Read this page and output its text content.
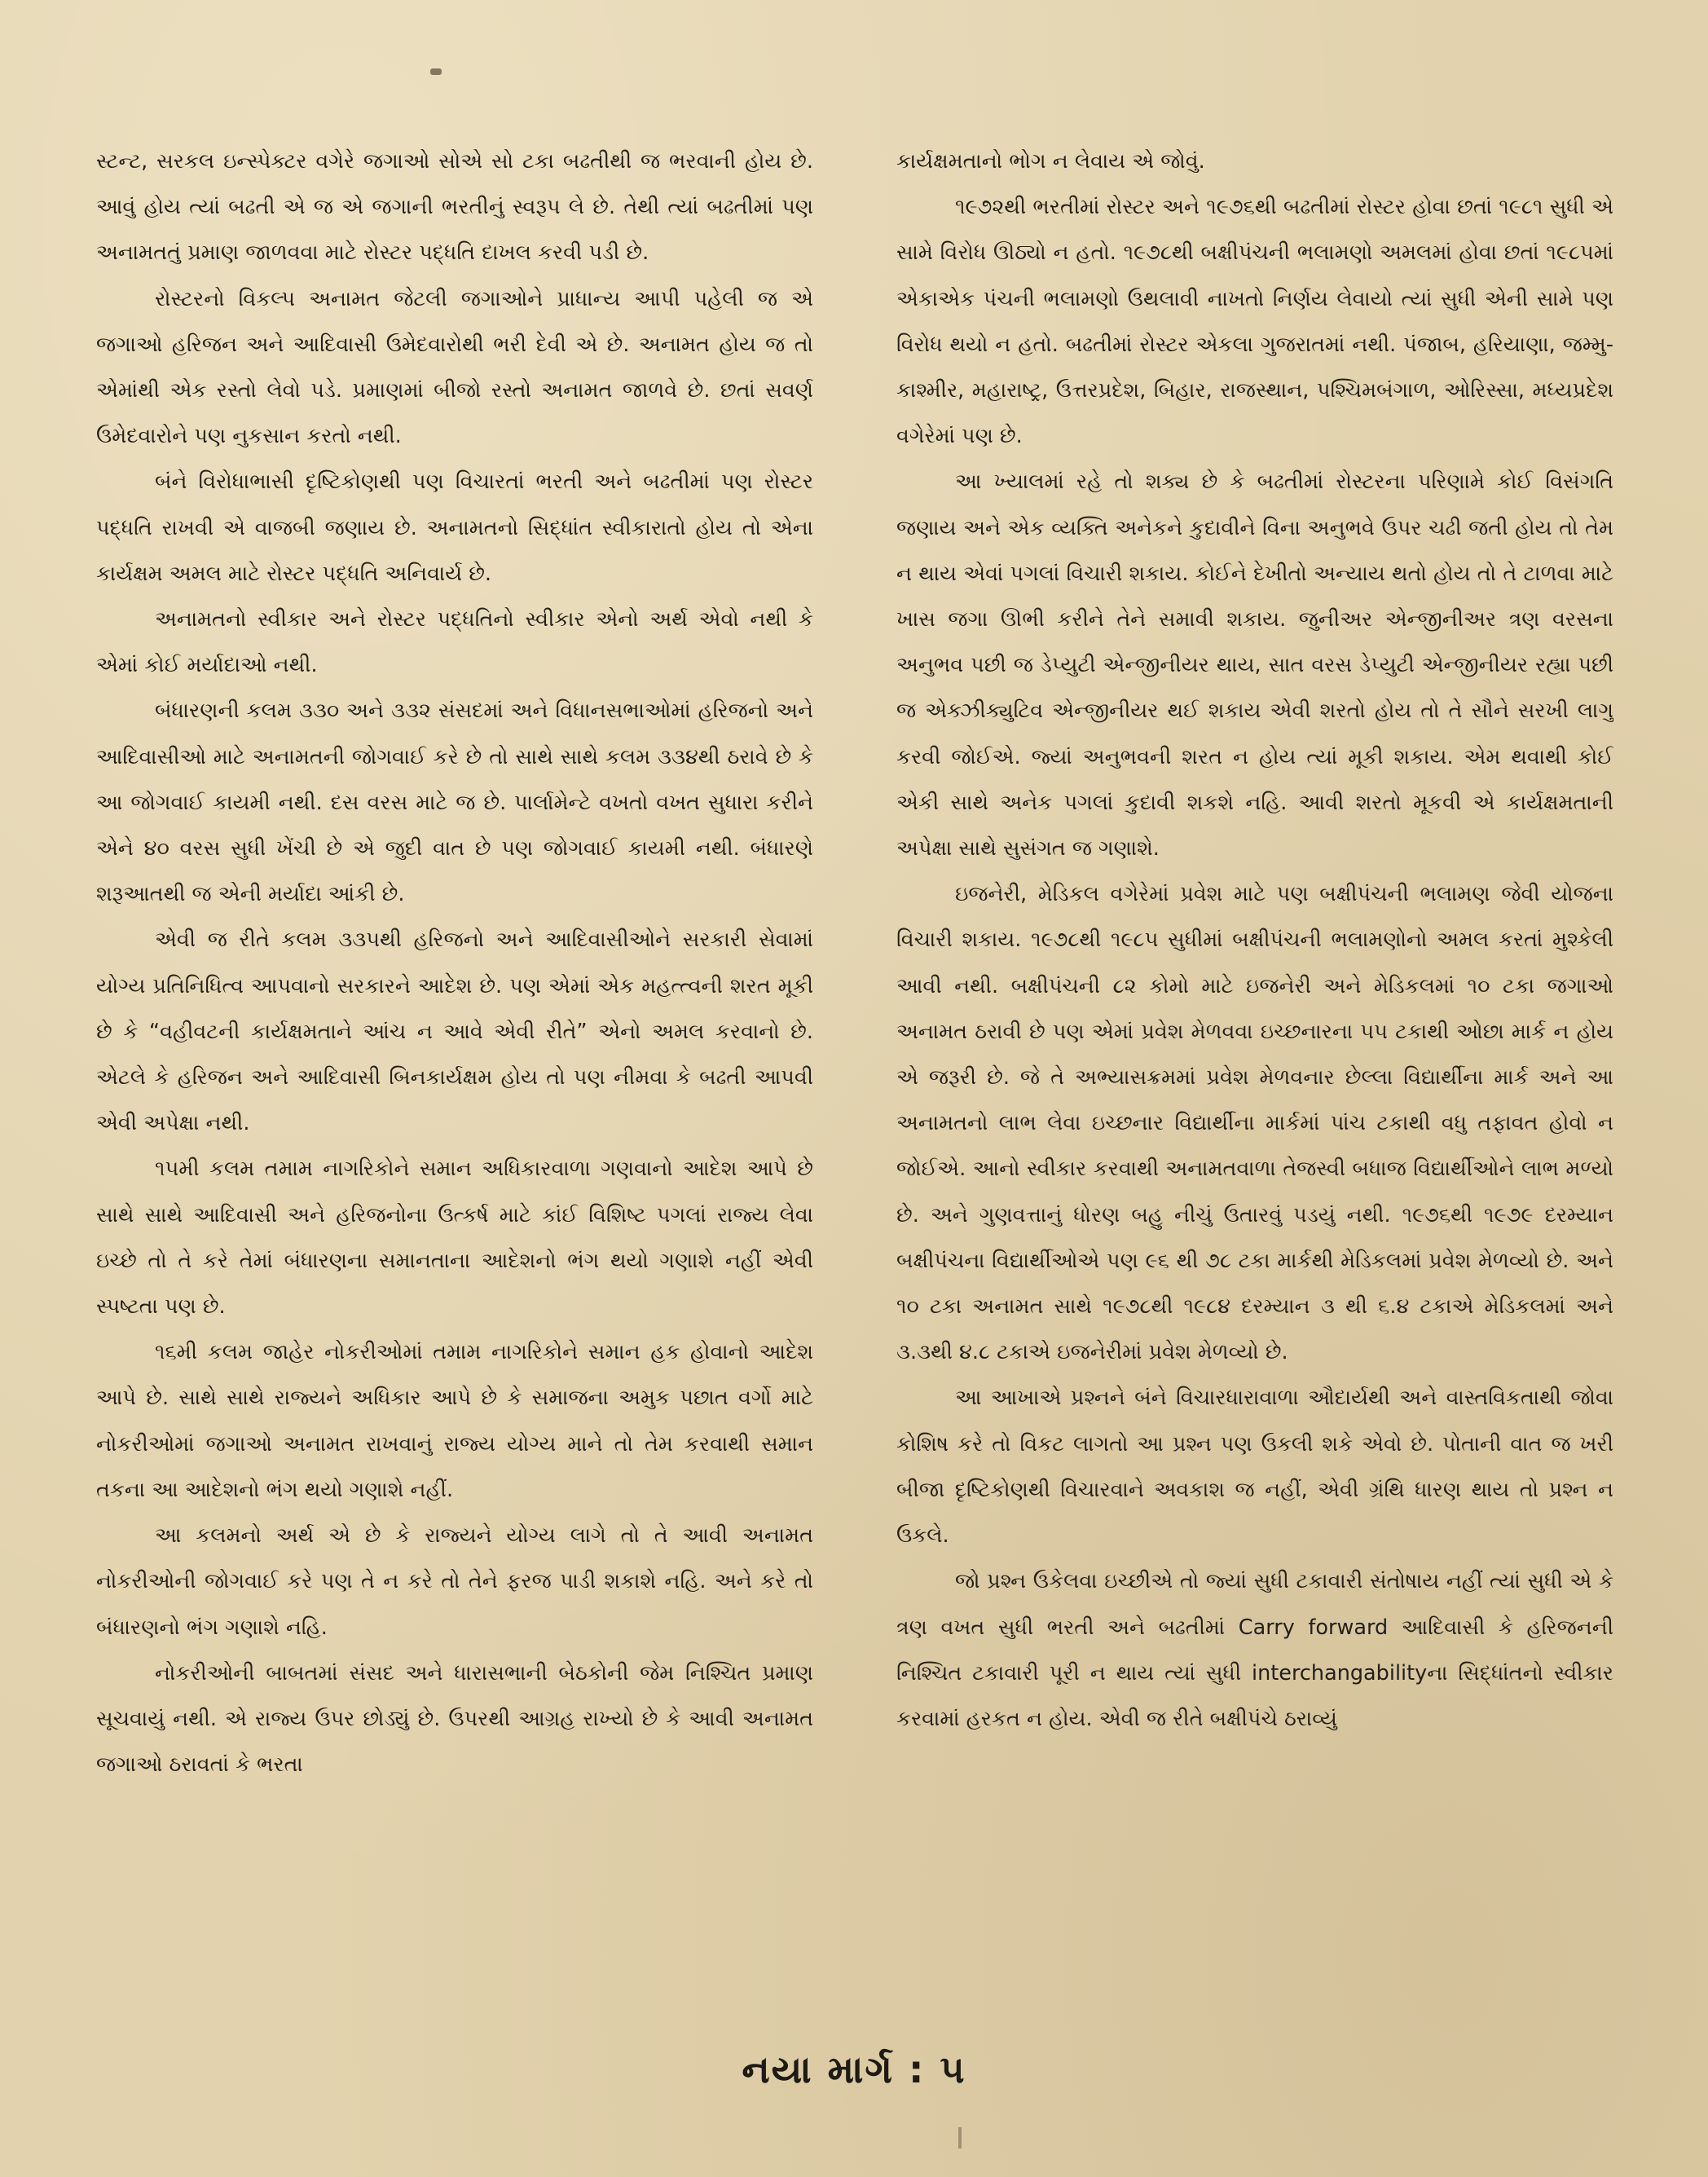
સ્ટન્ટ, સરકલ ઇન્સ્પેક્ટર વગેરે જગાઓ સોએ સો ટકા બઢતીથી જ ભરવાની હોય છે. આવું હોય ત્યાં બઢતી એ જ એ જગાની ભરતીનું સ્વરૂપ લે છે. તેથી ત્યાં બઢતીમાં પણ અનામતતું પ્રમાણ જાળવવા માટે રોસ્ટર પદ્ધતિ દાખલ કરવી પડી છે.

રોસ્ટરનો વિકલ્પ અનામત જેટલી જગાઓને પ્રાધાન્ય આપી પહેલી જ એ જગાઓ હરિજન અને આદિવાસી ઉમેદવારોથી ભરી દેવી એ છે. અનામત હોય જ તો એમાંથી એક રસ્તો લેવો પડે. પ્રમાણમાં બીજો રસ્તો અનામત જાળવે છે. છતાં સવર્ણ ઉમેદવારોને પણ નુકસાન કરતો નથી.

બંને વિરોધાભાસી દૃષ્ટિકોણથી પણ વિચારતાં ભરતી અને બઢતીમાં પણ રોસ્ટર પદ્ધતિ રાખવી એ વાજબી જણાય છે. અનામતનો સિદ્ધાંત સ્વીકારાતો હોય તો એના કાર્યક્ષમ અમલ માટે રોસ્ટર પદ્ધતિ અનિવાર્ય છે.

અનામતનો સ્વીકાર અને રોસ્ટર પદ્ધતિનો સ્વીકાર એનો અર્થ એવો નથી કે એમાં કોઈ મર્યાદાઓ નથી.

બંધારણની કલમ ૩૩૦ અને ૩૩૨ સંસદમાં અને વિધાનસભાઓમાં હરિજનો અને આદિવાસીઓ માટે અનામતની જોગવાઈ કરે છે તો સાથે સાથે કલમ ૩૩૪થી ઠરાવે છે કે આ જોગવાઈ કાયમી નથી. દસ વરસ માટે જ છે. પાર્લામેન્ટે વખતો વખત સુધારા કરીને એને ૪૦ વરસ સુધી ખેંચી છે એ જુદી વાત છે પણ જોગવાઈ કાયમી નથી. બંધારણે શરૂઆતથી જ એની મર્યાદા આંકી છે.

એવી જ રીતે કલમ ૩૩૫થી હરિજનો અને આદિવાસીઓને સરકારી સેવામાં યોગ્ય પ્રતિનિધિત્વ આપવાનો સરકારને આદેશ છે. પણ એમાં એક મહત્ત્વની શરત મૂકી છે કે “વહીવટની કાર્યક્ષમતાને આંચ ન આવે એવી રીતે” એનો અમલ કરવાનો છે. એટલે કે હરિજન અને આદિવાસી બિનકાર્યક્ષમ હોય તો પણ નીમવા કે બઢતી આપવી એવી અપેક્ષા નથી.

૧૫મી કલમ તમામ નાગરિકોને સમાન અધિકારવાળા ગણવાનો આદેશ આપે છે સાથે સાથે આદિવાસી અને હરિજનોના ઉત્કર્ષ માટે કાંઈ વિશિષ્ટ પગલાં રાજ્ય લેવા ઇચ્છે તો તે કરે તેમાં બંધારણના સમાનતાના આદેશનો ભંગ થયો ગણાશે નહીં એવી સ્પષ્ટતા પણ છે.

૧૬મી કલમ જાહેર નોકરીઓમાં તમામ નાગરિકોને સમાન હક હોવાનો આદેશ આપે છે. સાથે સાથે રાજ્યને અધિકાર આપે છે કે સમાજના અમુક પછાત વર્ગો માટે નોકરીઓમાં જગાઓ અનામત રાખવાનું રાજ્ય યોગ્ય માને તો તેમ કરવાથી સમાન તકના આ આદેશનો ભંગ થયો ગણાશે નહીં.

આ કલમનો અર્થ એ છે કે રાજ્યને યોગ્ય લાગે તો તે આવી અનામત નોકરીઓની જોગવાઈ કરે પણ તે ન કરે તો તેને ફરજ પાડી શકાશે નહિ. અને કરે તો બંધારણનો ભંગ ગણાશે નહિ.

નોકરીઓની બાબતમાં સંસદ અને ધારાસભાની બેઠકોની જેમ નિશ્ચિત પ્રમાણ સૂચવાયું નથી. એ રાજ્ય ઉપર છોડ્યું છે. ઉપરથી આગ્રહ રાખ્યો છે કે આવી અનામત જગાઓ ઠરાવતાં કે ભરતા

કાર્યક્ષમતાનો ભોગ ન લેવાય એ જોવું.

૧૯૭૨થી ભરતીમાં રોસ્ટર અને ૧૯૭૬થી બઢતીમાં રોસ્ટર હોવા છતાં ૧૯૮૧ સુધી એ સામે વિરોધ ઊઠ્યો ન હતો. ૧૯૭૮થી બક્ષીપંચની ભલામણો અમલમાં હોવા છતાં ૧૯૮૫માં એકાએક પંચની ભલામણો ઉથલાવી નાખતો નિર્ણય લેવાયો ત્યાં સુધી એની સામે પણ વિરોધ થયો ન હતો. બઢતીમાં રોસ્ટર એકલા ગુજરાતમાં નથી. પંજાબ, હરિયાણા, જમ્મુ-કાશ્મીર, મહારાષ્ટ્ર, ઉત્તરપ્રદેશ, બિહાર, રાજસ્થાન, પશ્ચિમબંગાળ, ઓરિસ્સા, મધ્યપ્રદેશ વગેરેમાં પણ છે.

આ ખ્યાલમાં રહે તો શક્ય છે કે બઢતીમાં રોસ્ટરના પરિણામે કોઈ વિસંગતિ જણાય અને એક વ્યક્તિ અનેકને કુદાવીને વિના અનુભવે ઉપર ચઢી જતી હોય તો તેમ ન થાય એવાં પગલાં વિચારી શકાય. કોઈને દેખીતો અન્યાય થતો હોય તો તે ટાળવા માટે ખાસ જગા ઊભી કરીને તેને સમાવી શકાય. જુનીઅર એન્જીનીઅર ત્રણ વરસના અનુભવ પછી જ ડેપ્યુટી એન્જીનીયર થાય, સાત વરસ ડેપ્યુટી એન્જીનીયર રહ્યા પછી જ એક્ઝીક્યુટિવ એન્જીનીયર થઈ શકાય એવી શરતો હોય તો તે સૌને સરખી લાગુ કરવી જોઈએ. જ્યાં અનુભવની શરત ન હોય ત્યાં મૂકી શકાય. એમ થવાથી કોઈ એકી સાથે અનેક પગલાં કુદાવી શકશે નહિ. આવી શરતો મૂકવી એ કાર્યક્ષમતાની અપેક્ષા સાથે સુસંગત જ ગણાશે.

ઇજનેરી, મેડિકલ વગેરેમાં પ્રવેશ માટે પણ બક્ષીપંચની ભલામણ જેવી યોજના વિચારી શકાય. ૧૯૭૮થી ૧૯૮૫ સુધીમાં બક્ષીપંચની ભલામણોનો અમલ કરતાં મુશ્કેલી આવી નથી. બક્ષીપંચની ૮૨ કોમો માટે ઇજનેરી અને મેડિકલમાં ૧૦ ટકા જગાઓ અનામત ઠરાવી છે પણ એમાં પ્રવેશ મેળવવા ઇચ્છનારના ૫૫ ટકાથી ઓછા માર્ક ન હોય એ જરૂરી છે. જે તે અભ્યાસક્રમમાં પ્રવેશ મેળવનાર છેલ્લા વિદ્યાર્થીના માર્ક અને આ અનામતનો લાભ લેવા ઇચ્છનાર વિદ્યાર્થીના માર્કમાં પાંચ ટકાથી વધુ તફાવત હોવો ન જોઈએ. આનો સ્વીકાર કરવાથી અનામતવાળા તેજસ્વી બધાજ વિદ્યાર્થીઓને લાભ મળ્યો છે. અને ગુણવત્તાનું ધોરણ બહુ નીચું ઉતારવું પડયું નથી. ૧૯૭૬થી ૧૯૭૯ દરમ્યાન બક્ષીપંચના વિદ્યાર્થીઓએ પણ ૯૬ થી ૭૮ ટકા માર્કથી મેડિકલમાં પ્રવેશ મેળવ્યો છે. અને ૧૦ ટકા અનામત સાથે ૧૯૭૮થી ૧૯૮૪ દરમ્યાન ૩ થી ૬.૪ ટકાએ મેડિકલમાં અને ૩.૩થી ૪.૮ ટકાએ ઇજનેરીમાં પ્રવેશ મેળવ્યો છે.

આ આખાએ પ્રશ્નને બંને વિચારધારાવાળા ઔદાર્યથી અને વાસ્તવિકતાથી જોવા કોશિષ કરે તો વિકટ લાગતો આ પ્રશ્ન પણ ઉકલી શકે એવો છે. પોતાની વાત જ ખરી બીજા દૃષ્ટિકોણથી વિચારવાને અવકાશ જ નહીં, એવી ગ્રંથિ ધારણ થાય તો પ્રશ્ન ન ઉકલે.

જો પ્રશ્ન ઉકેલવા ઇચ્છીએ તો જ્યાં સુધી ટકાવારી સંતોષાય નહીં ત્યાં સુધી એ કે ત્રણ વખત સુધી ભરતી અને બઢતીમાં Carry forward આદિવાસી કે હરિજનની નિશ્ચિત ટકાવારી પૂરી ન થાય ત્યાં સુધી interchangabilityના સિદ્ધાંતનો સ્વીકાર કરવામાં હરકત ન હોય. એવી જ રીતે બક્ષીપંચે ઠરાવ્યું

નયા માર્ગ : ૫
